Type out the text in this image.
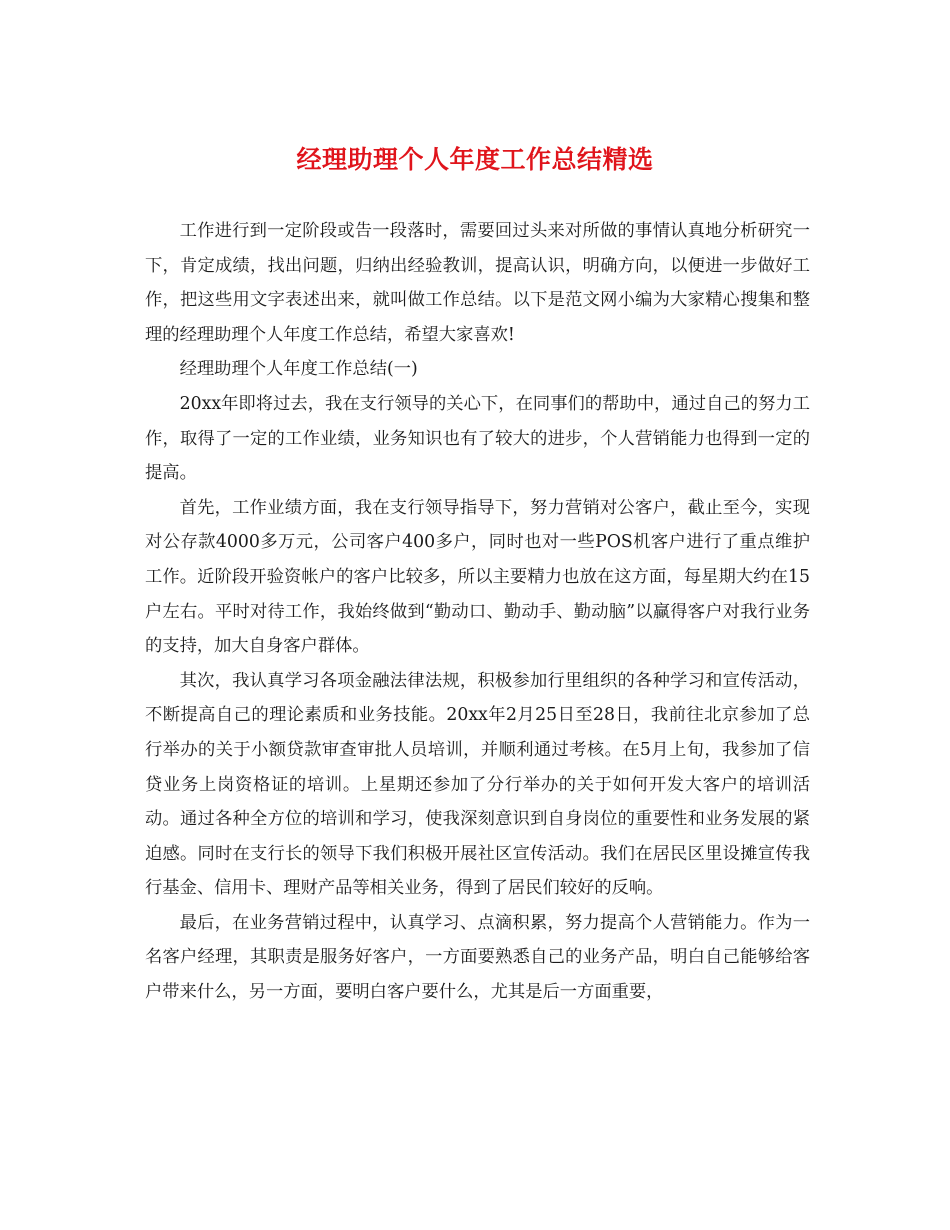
经理助理个人年度工作总结精选

工作进行到一定阶段或告一段落时，需要回过头来对所做的事情认真地分析研究一下，肯定成绩，找出问题，归纳出经验教训，提高认识，明确方向，以便进一步做好工作，把这些用文字表述出来，就叫做工作总结。以下是范文网小编为大家精心搜集和整理的经理助理个人年度工作总结，希望大家喜欢!

经理助理个人年度工作总结(一)

20xx年即将过去，我在支行领导的关心下，在同事们的帮助中，通过自己的努力工作，取得了一定的工作业绩，业务知识也有了较大的进步，个人营销能力也得到一定的提高。

首先，工作业绩方面，我在支行领导指导下，努力营销对公客户，截止至今，实现对公存款4000多万元，公司客户400多户，同时也对一些POS机客户进行了重点维护工作。近阶段开验资帐户的客户比较多，所以主要精力也放在这方面，每星期大约在15户左右。平时对待工作，我始终做到“勤动口、勤动手、勤动脑”以赢得客户对我行业务的支持，加大自身客户群体。

其次，我认真学习各项金融法律法规，积极参加行里组织的各种学习和宣传活动，不断提高自己的理论素质和业务技能。20xx年2月25日至28日，我前往北京参加了总行举办的关于小额贷款审查审批人员培训，并顺利通过考核。在5月上旬，我参加了信贷业务上岗资格证的培训。上星期还参加了分行举办的关于如何开发大客户的培训活动。通过各种全方位的培训和学习，使我深刻意识到自身岗位的重要性和业务发展的紧迫感。同时在支行长的领导下我们积极开展社区宣传活动。我们在居民区里设摊宣传我行基金、信用卡、理财产品等相关业务，得到了居民们较好的反响。

最后，在业务营销过程中，认真学习、点滴积累，努力提高个人营销能力。作为一名客户经理，其职责是服务好客户，一方面要熟悉自己的业务产品，明白自己能够给客户带来什么，另一方面，要明白客户要什么，尤其是后一方面重要，
